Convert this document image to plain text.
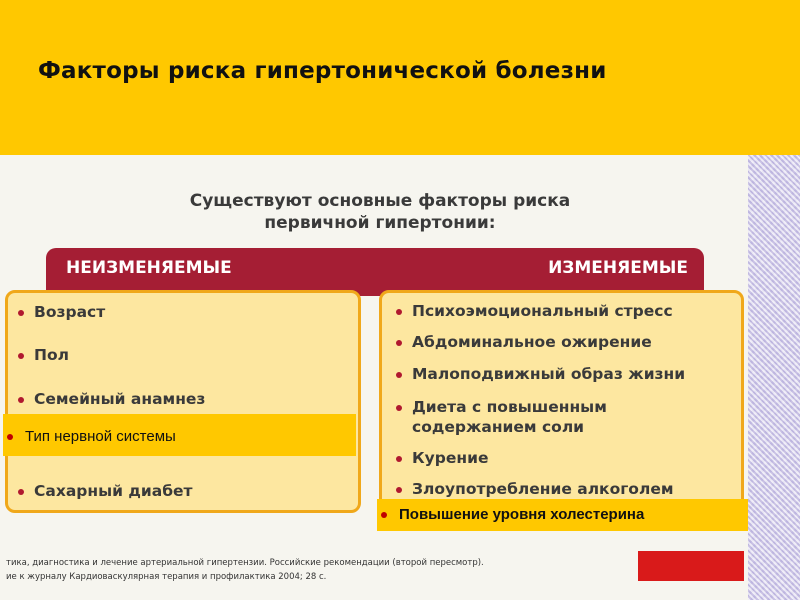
Факторы риска гипертонической болезни
Существуют основные факторы риска
первичной гипертонии:
НЕИЗМЕНЯЕМЫЕ	ИЗМЕНЯЕМЫЕ
Возраст
Пол
Семейный анамнез
Сахарный диабет
Психоэмоциональный стресс
Абдоминальное ожирение
Малоподвижный образ жизни
Диета с повышенным
содержанием соли
Курение
Злоупотребление алкоголем
Тип нервной системы
Повышение уровня холестерина
тика, диагностика и лечение артериальной гипертензии. Российские рекомендации (второй пересмотр).
ие к журналу Кардиоваскулярная терапия и профилактика 2004; 28 с.
